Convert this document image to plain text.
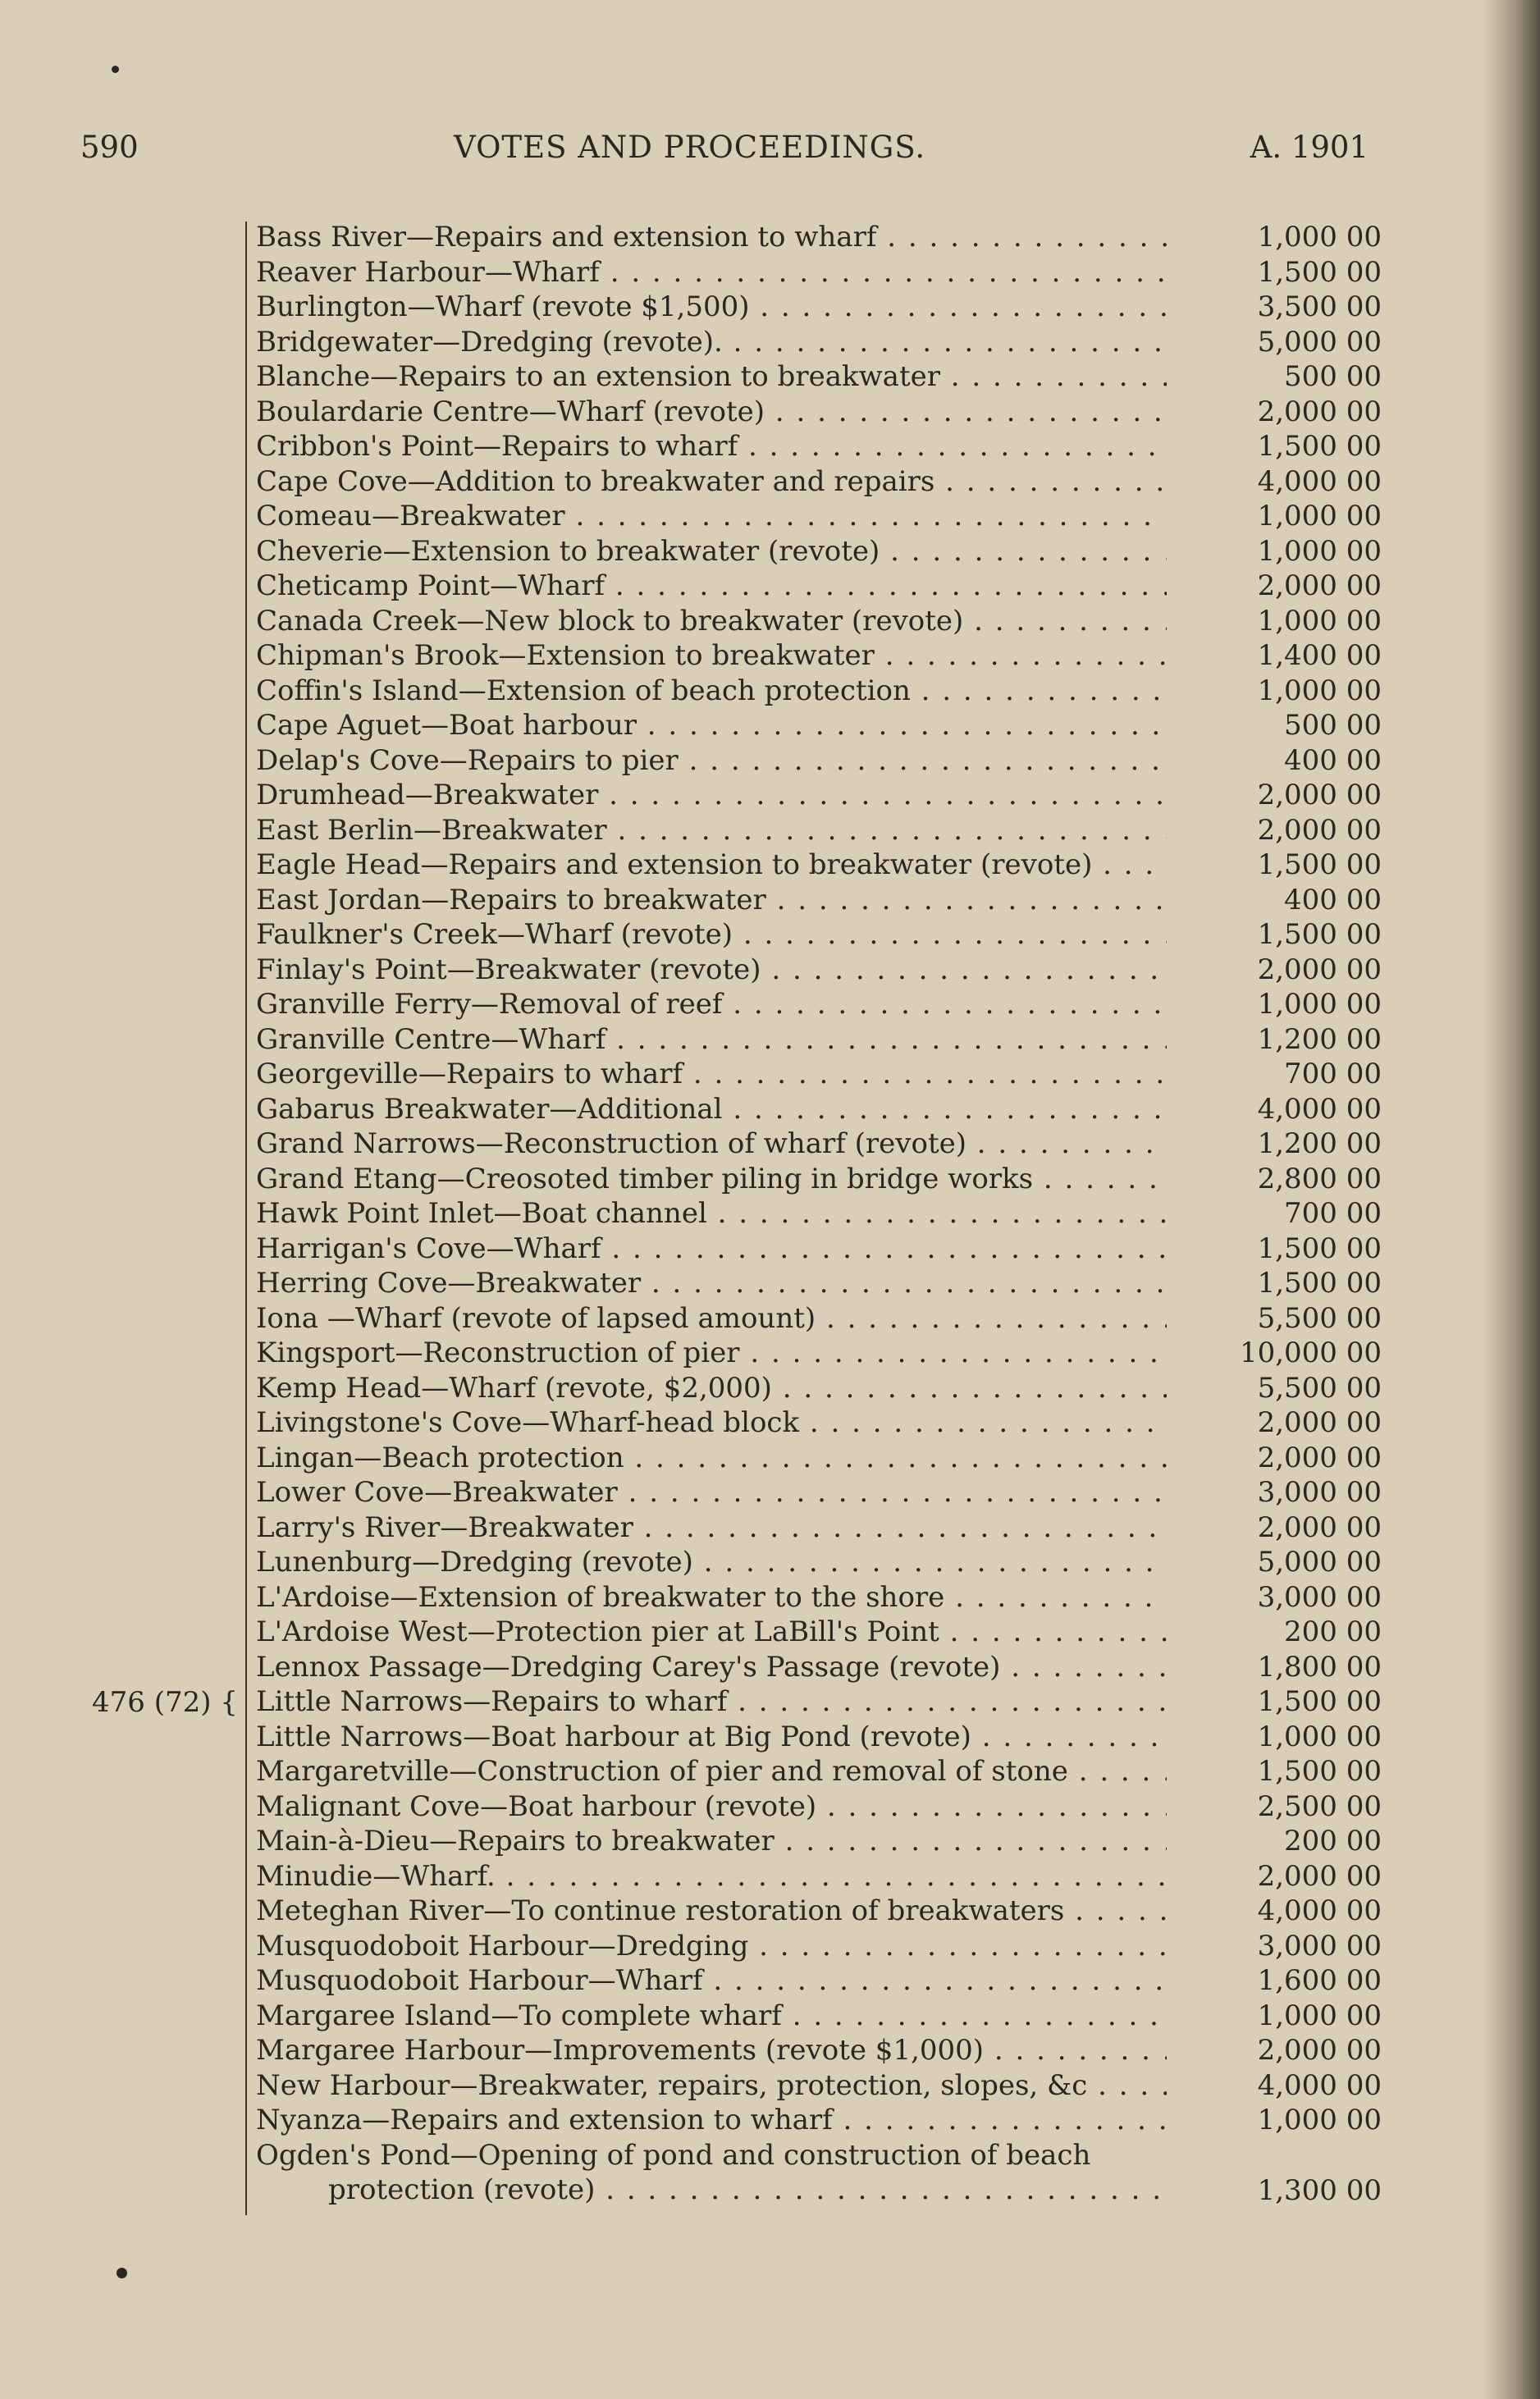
590	VOTES AND PROCEEDINGS.	A. 1901
476 (72) {
Bass River—Repairs and extension to wharf . . .	1,000 00
Reaver Harbour—Wharf . . .	1,500 00
Burlington—Wharf (revote $1,500) . . .	3,500 00
Bridgewater—Dredging (revote). . . .	5,000 00
Blanche—Repairs to an extension to breakwater . . .	500 00
Boulardarie Centre—Wharf (revote) . . .	2,000 00
Cribbon's Point—Repairs to wharf . . .	1,500 00
Cape Cove—Addition to breakwater and repairs . . .	4,000 00
Comeau—Breakwater . . .	1,000 00
Cheverie—Extension to breakwater (revote) . . .	1,000 00
Cheticamp Point—Wharf . . .	2,000 00
Canada Creek—New block to breakwater (revote) . . .	1,000 00
Chipman's Brook—Extension to breakwater . . .	1,400 00
Coffin's Island—Extension of beach protection . . .	1,000 00
Cape Aguet—Boat harbour . . .	500 00
Delap's Cove—Repairs to pier . . .	400 00
Drumhead—Breakwater . . .	2,000 00
East Berlin—Breakwater . . .	2,000 00
Eagle Head—Repairs and extension to breakwater (revote) . . .	1,500 00
East Jordan—Repairs to breakwater . . .	400 00
Faulkner's Creek—Wharf (revote) . . .	1,500 00
Finlay's Point—Breakwater (revote) . . .	2,000 00
Granville Ferry—Removal of reef . . .	1,000 00
Granville Centre—Wharf . . .	1,200 00
Georgeville—Repairs to wharf . . .	700 00
Gabarus Breakwater—Additional . . .	4,000 00
Grand Narrows—Reconstruction of wharf (revote) . . .	1,200 00
Grand Etang—Creosoted timber piling in bridge works . . .	2,800 00
Hawk Point Inlet—Boat channel . . .	700 00
Harrigan's Cove—Wharf . . .	1,500 00
Herring Cove—Breakwater . . .	1,500 00
Iona —Wharf (revote of lapsed amount) . . .	5,500 00
Kingsport—Reconstruction of pier . . .	10,000 00
Kemp Head—Wharf (revote, $2,000) . . .	5,500 00
Livingstone's Cove—Wharf-head block . . .	2,000 00
Lingan—Beach protection . . .	2,000 00
Lower Cove—Breakwater . . .	3,000 00
Larry's River—Breakwater . . .	2,000 00
Lunenburg—Dredging (revote) . . .	5,000 00
L'Ardoise—Extension of breakwater to the shore . . .	3,000 00
L'Ardoise West—Protection pier at LaBill's Point . . .	200 00
Lennox Passage—Dredging Carey's Passage (revote) . . .	1,800 00
Little Narrows—Repairs to wharf . . .	1,500 00
Little Narrows—Boat harbour at Big Pond (revote) . . .	1,000 00
Margaretville—Construction of pier and removal of stone . . .	1,500 00
Malignant Cove—Boat harbour (revote) . . .	2,500 00
Main-à-Dieu—Repairs to breakwater . . .	200 00
Minudie—Wharf. . . .	2,000 00
Meteghan River—To continue restoration of breakwaters . . .	4,000 00
Musquodoboit Harbour—Dredging . . .	3,000 00
Musquodoboit Harbour—Wharf . . .	1,600 00
Margaree Island—To complete wharf . . .	1,000 00
Margaree Harbour—Improvements (revote $1,000) . . .	2,000 00
New Harbour—Breakwater, repairs, protection, slopes, &c . . .	4,000 00
Nyanza—Repairs and extension to wharf . . .	1,000 00
Ogden's Pond—Opening of pond and construction of beach
protection (revote) . . .	1,300 00
